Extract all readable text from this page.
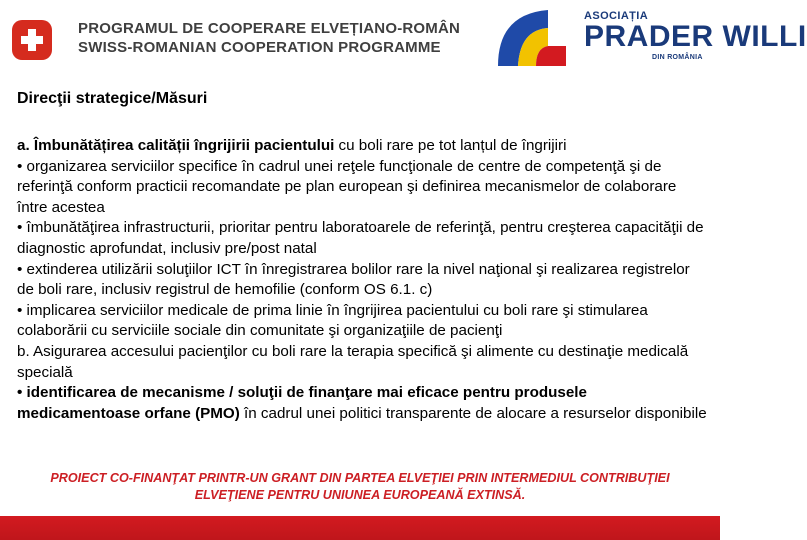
PROGRAMUL DE COOPERARE ELVEȚIANO-ROMÂN
SWISS-ROMANIAN COOPERATION PROGRAMME
ASOCIAȚIA
PRADER WILLI
DIN ROMÂNIA
Direcţii strategice/Măsuri

a. Îmbunătățirea calității îngrijirii pacientului cu boli rare pe tot lanțul de îngrijiri

• organizarea serviciilor specifice în cadrul unei reţele funcţionale de centre de competenţă şi de referinţă conform practicii recomandate pe plan european şi definirea mecanismelor de colaborare între acestea

• îmbunătăţirea infrastructurii, prioritar pentru laboratoarele de referinţă, pentru creşterea capacităţii de diagnostic aprofundat, inclusiv pre/post natal

• extinderea utilizării soluţiilor ICT în înregistrarea bolilor rare la nivel naţional şi realizarea registrelor de boli rare, inclusiv registrul de hemofilie (conform OS 6.1. c)

• implicarea serviciilor medicale de prima linie în îngrijirea pacientului cu boli rare şi stimularea colaborării cu serviciile sociale din comunitate şi organizaţiile de pacienţi

b. Asigurarea accesului pacienţilor cu boli rare la terapia specifică şi alimente cu destinaţie medicală specială

• identificarea de mecanisme / soluţii de finanţare mai eficace pentru produsele medicamentoase orfane (PMO) în cadrul unei politici transparente de alocare a resurselor disponibile

PROIECT CO-FINANŢAT PRINTR-UN GRANT DIN PARTEA ELVEŢIEI PRIN INTERMEDIUL CONTRIBUŢIEI
ELVEŢIENE PENTRU UNIUNEA EUROPEANĂ EXTINSĂ.
